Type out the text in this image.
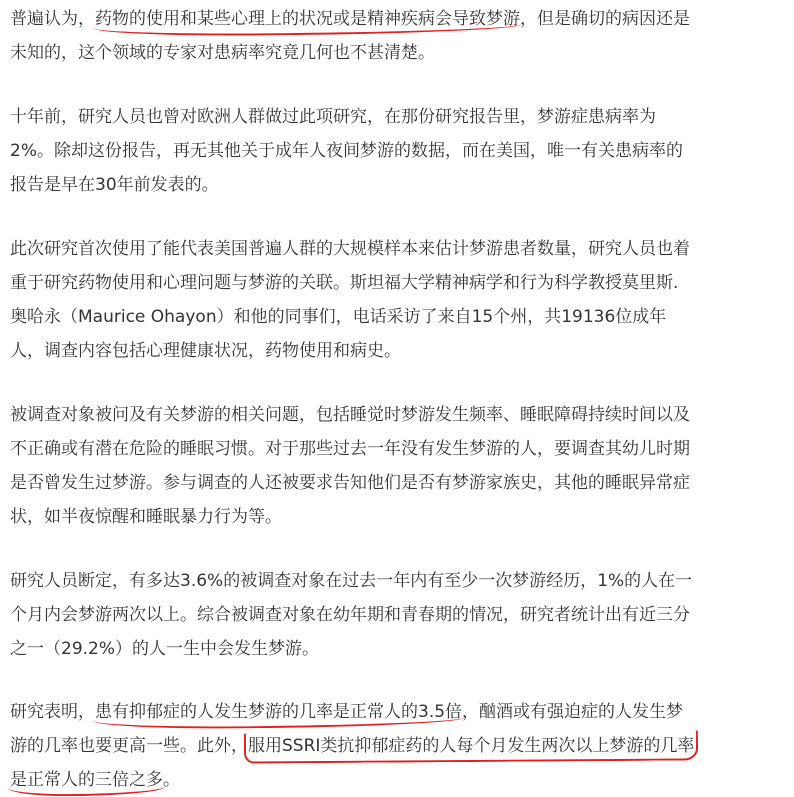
普遍认为，药物的使用和某些心理上的状况或是精神疾病会导致梦游，但是确切的病因还是
未知的，这个领域的专家对患病率究竟几何也不甚清楚。
十年前，研究人员也曾对欧洲人群做过此项研究，在那份研究报告里，梦游症患病率为
2%。除却这份报告，再无其他关于成年人夜间梦游的数据，而在美国，唯一有关患病率的
报告是早在30年前发表的。
此次研究首次使用了能代表美国普遍人群的大规模样本来估计梦游患者数量，研究人员也着
重于研究药物使用和心理问题与梦游的关联。斯坦福大学精神病学和行为科学教授莫里斯.
奥哈永（Maurice Ohayon）和他的同事们，电话采访了来自15个州，共19136位成年
人，调查内容包括心理健康状况，药物使用和病史。
被调查对象被问及有关梦游的相关问题，包括睡觉时梦游发生频率、睡眠障碍持续时间以及
不正确或有潜在危险的睡眠习惯。对于那些过去一年没有发生梦游的人，要调查其幼儿时期
是否曾发生过梦游。参与调查的人还被要求告知他们是否有梦游家族史，其他的睡眠异常症
状，如半夜惊醒和睡眠暴力行为等。
研究人员断定，有多达3.6%的被调查对象在过去一年内有至少一次梦游经历，1%的人在一
个月内会梦游两次以上。综合被调查对象在幼年期和青春期的情况，研究者统计出有近三分
之一（29.2%）的人一生中会发生梦游。
研究表明，患有抑郁症的人发生梦游的几率是正常人的3.5倍，酗酒或有强迫症的人发生梦
游的几率也要更高一些。此外，服用SSRI类抗抑郁症药的人每个月发生两次以上梦游的几率
是正常人的三倍之多。
